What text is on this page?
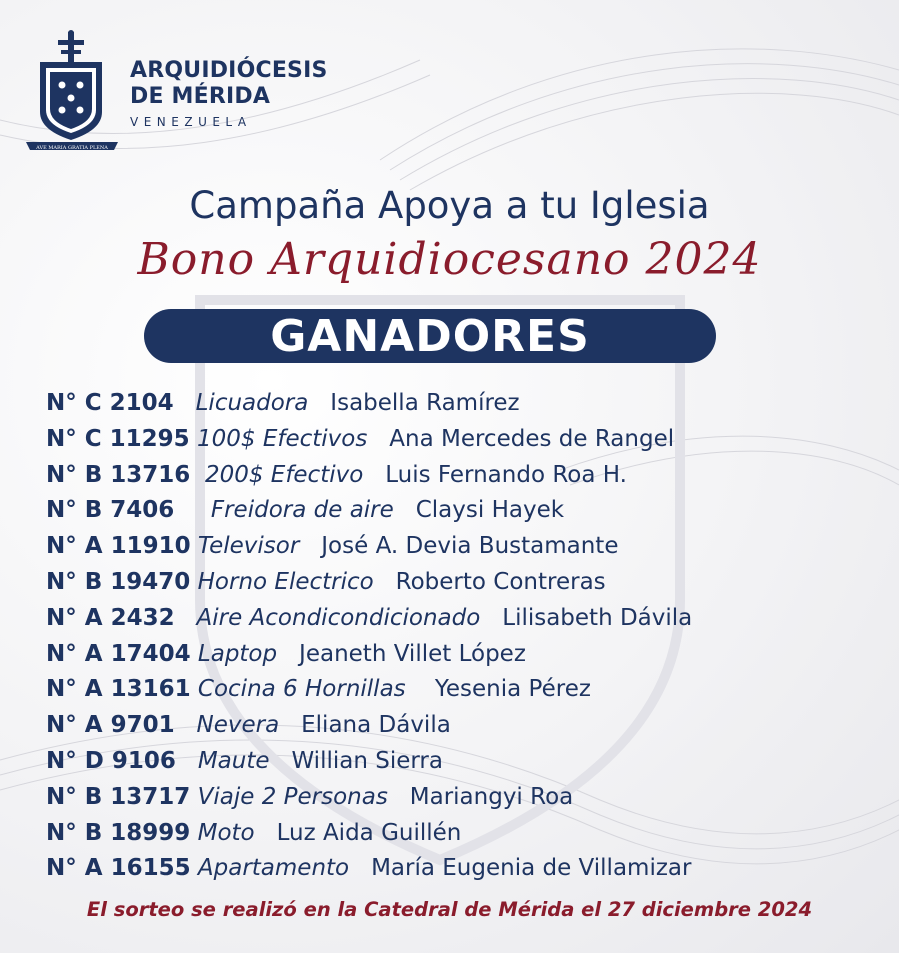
AVE MARIA GRATIA PLENA
ARQUIDIÓCESIS
DE MÉRIDA
VENEZUELA
Campaña Apoya a tu Iglesia
Bono Arquidiocesano 2024
GANADORES
N° C 2104 Licuadora Isabella Ramírez
N° C 11295 100$ Efectivos Ana Mercedes de Rangel
N° B 13716 200$ Efectivo Luis Fernando Roa H.
N° B 7406 Freidora de aire Claysi Hayek
N° A 11910 Televisor José A. Devia Bustamante
N° B 19470 Horno Electrico Roberto Contreras
N° A 2432 Aire Acondicondicionado Lilisabeth Dávila
N° A 17404 Laptop Jeaneth Villet López
N° A 13161 Cocina 6 Hornillas Yesenia Pérez
N° A 9701 Nevera Eliana Dávila
N° D 9106 Maute Willian Sierra
N° B 13717 Viaje 2 Personas Mariangyi Roa
N° B 18999 Moto Luz Aida Guillén
N° A 16155 Apartamento María Eugenia de Villamizar
El sorteo se realizó en la Catedral de Mérida el 27 diciembre 2024
